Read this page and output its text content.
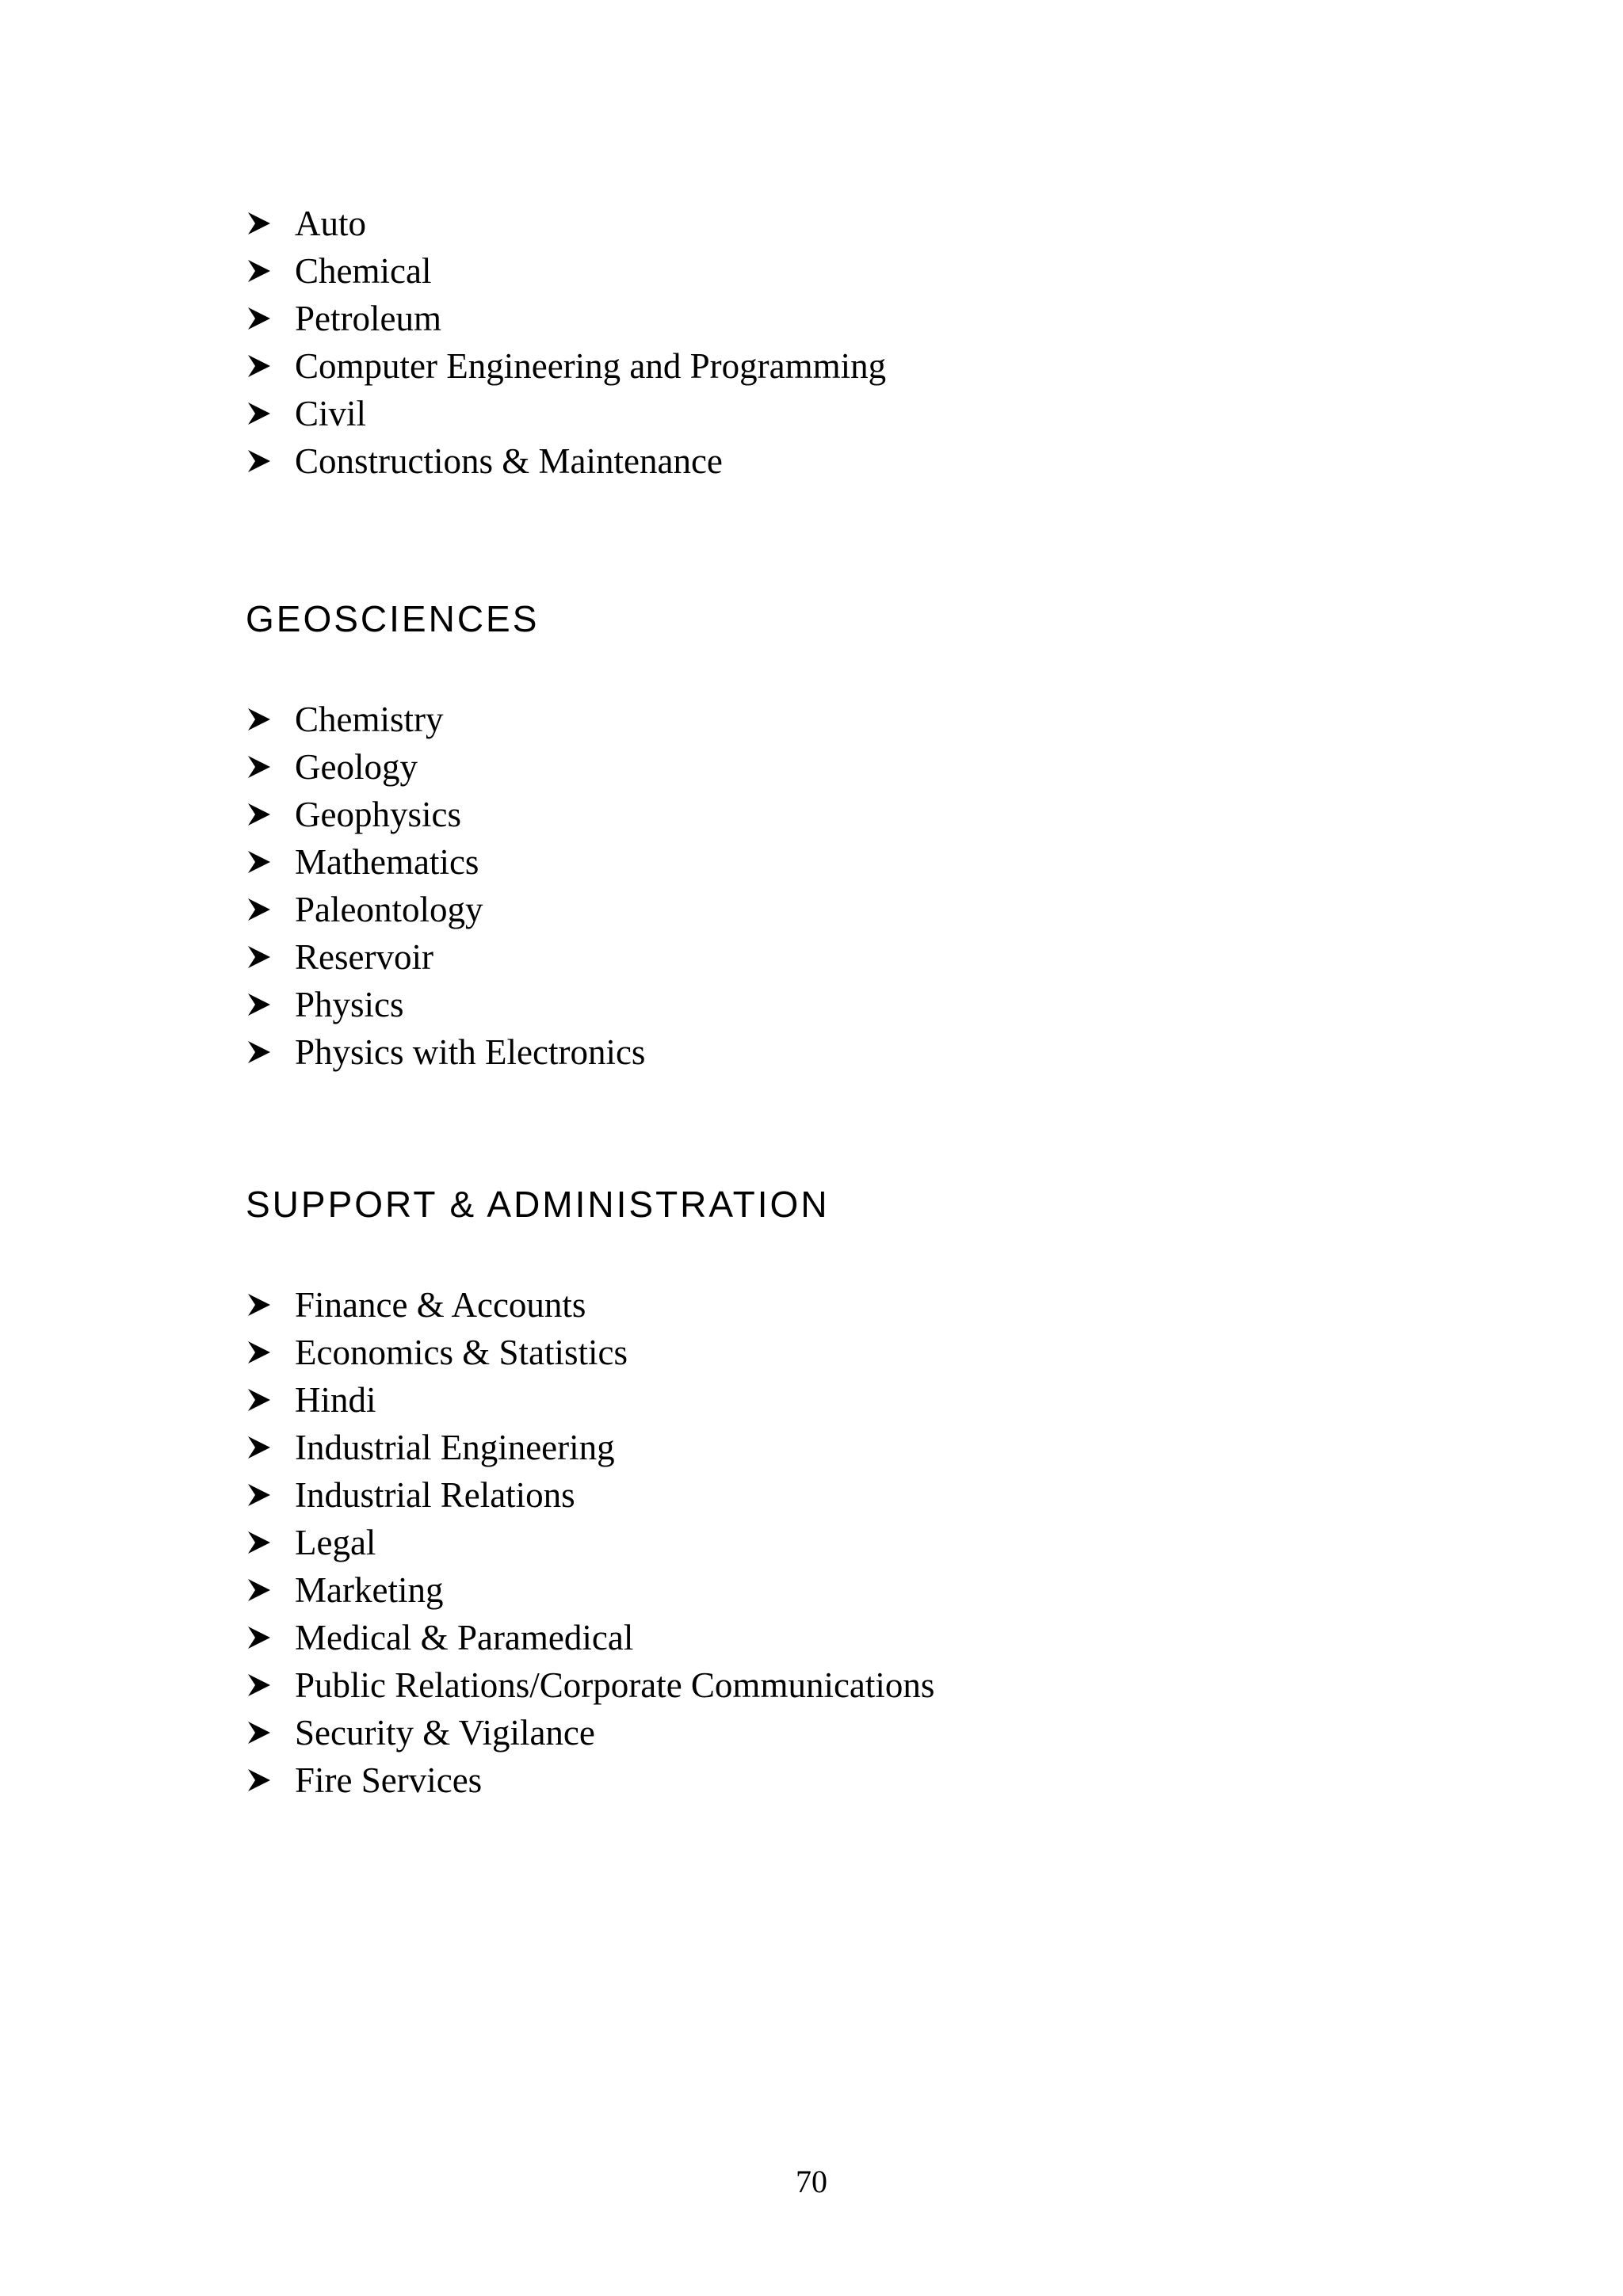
Auto
Chemical
Petroleum
Computer Engineering and Programming
Civil
Constructions & Maintenance
GEOSCIENCES
Chemistry
Geology
Geophysics
Mathematics
Paleontology
Reservoir
Physics
Physics with Electronics
SUPPORT & ADMINISTRATION
Finance & Accounts
Economics & Statistics
Hindi
Industrial Engineering
Industrial Relations
Legal
Marketing
Medical & Paramedical
Public Relations/Corporate Communications
Security & Vigilance
Fire Services
70
